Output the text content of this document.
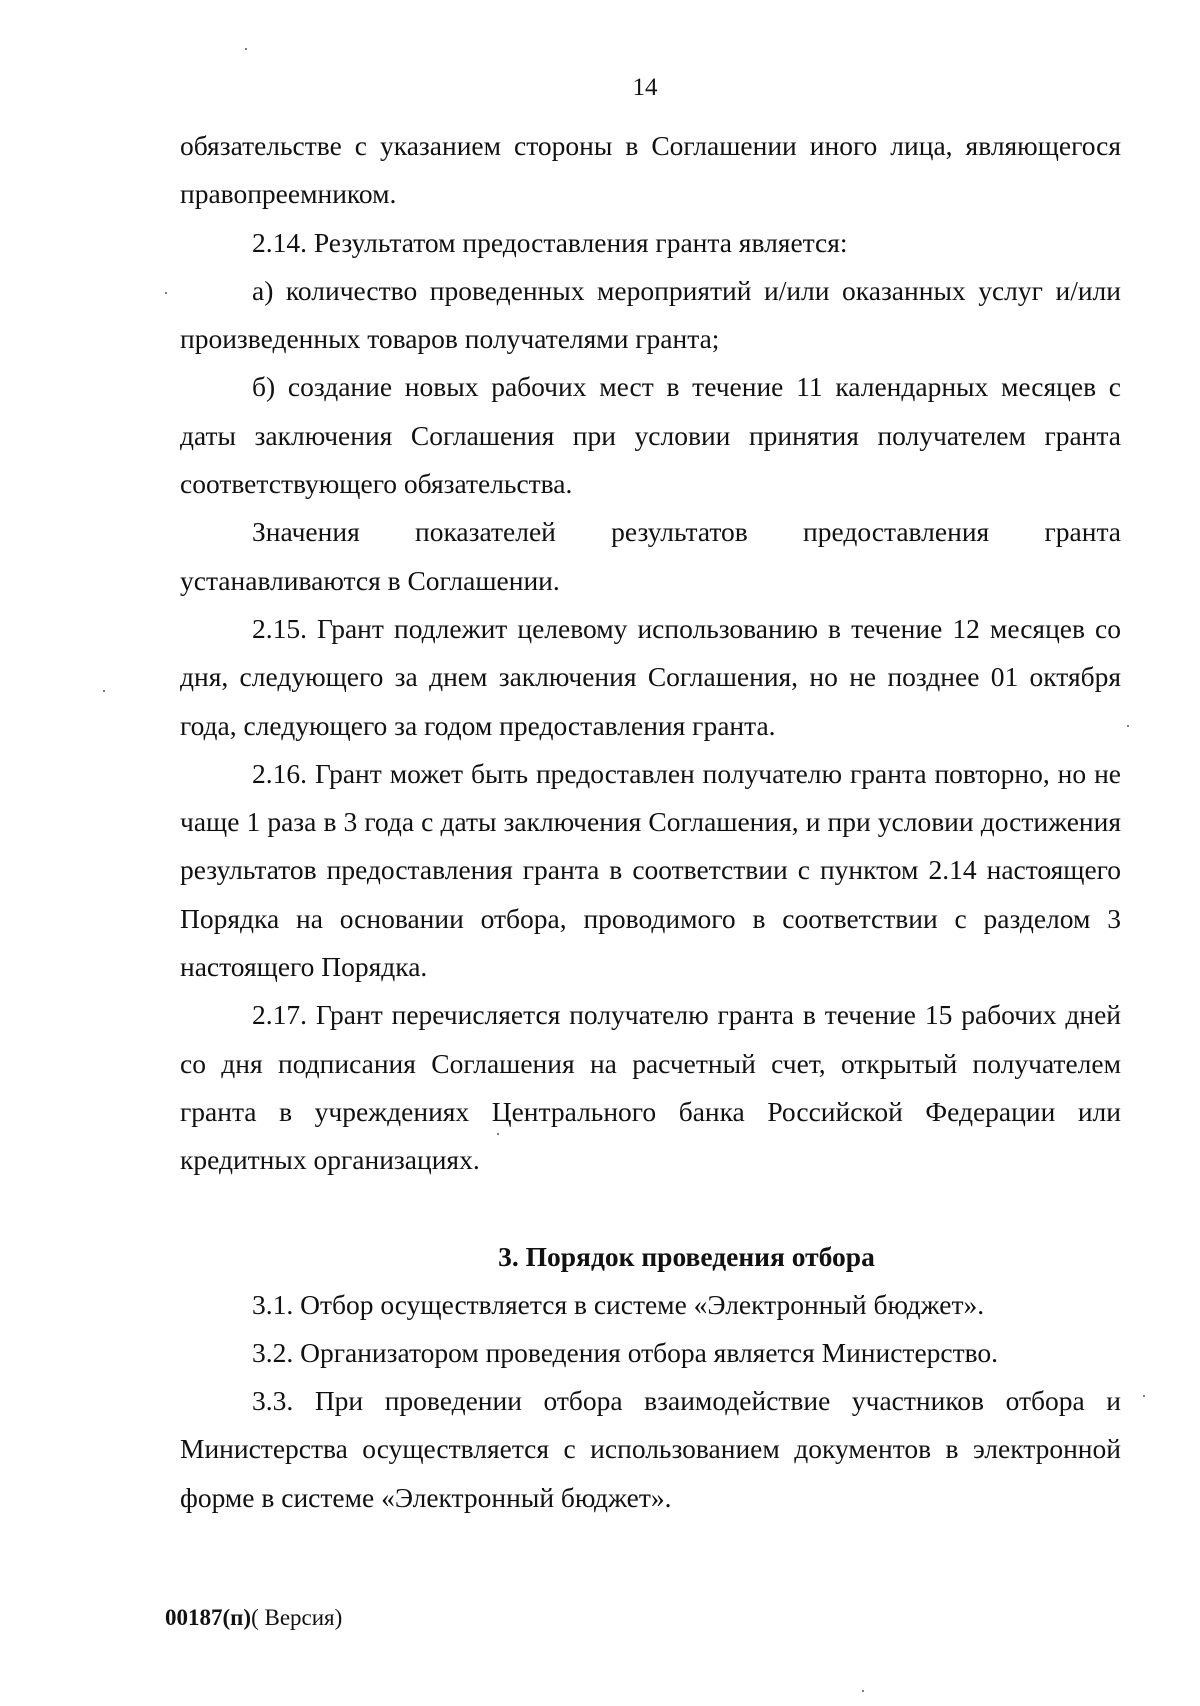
14

обязательстве с указанием стороны в Соглашении иного лица, являющегося правопреемником.

2.14. Результатом предоставления гранта является:

а) количество проведенных мероприятий и/или оказанных услуг и/или произведенных товаров получателями гранта;

б) создание новых рабочих мест в течение 11 календарных месяцев с даты заключения Соглашения при условии принятия получателем гранта соответствующего обязательства.

Значения показателей результатов предоставления гранта устанавливаются в Соглашении.

2.15. Грант подлежит целевому использованию в течение 12 месяцев со дня, следующего за днем заключения Соглашения, но не позднее 01 октября года, следующего за годом предоставления гранта.

2.16. Грант может быть предоставлен получателю гранта повторно, но не чаще 1 раза в 3 года с даты заключения Соглашения, и при условии достижения результатов предоставления гранта в соответствии с пунктом 2.14 настоящего Порядка на основании отбора, проводимого в соответствии с разделом 3 настоящего Порядка.

2.17. Грант перечисляется получателю гранта в течение 15 рабочих дней со дня подписания Соглашения на расчетный счет, открытый получателем гранта в учреждениях Центрального банка Российской Федерации или кредитных организациях.

3. Порядок проведения отбора

3.1. Отбор осуществляется в системе «Электронный бюджет».

3.2. Организатором проведения отбора является Министерство.

3.3. При проведении отбора взаимодействие участников отбора и Министерства осуществляется с использованием документов в электронной форме в системе «Электронный бюджет».

00187(п)( Версия)
